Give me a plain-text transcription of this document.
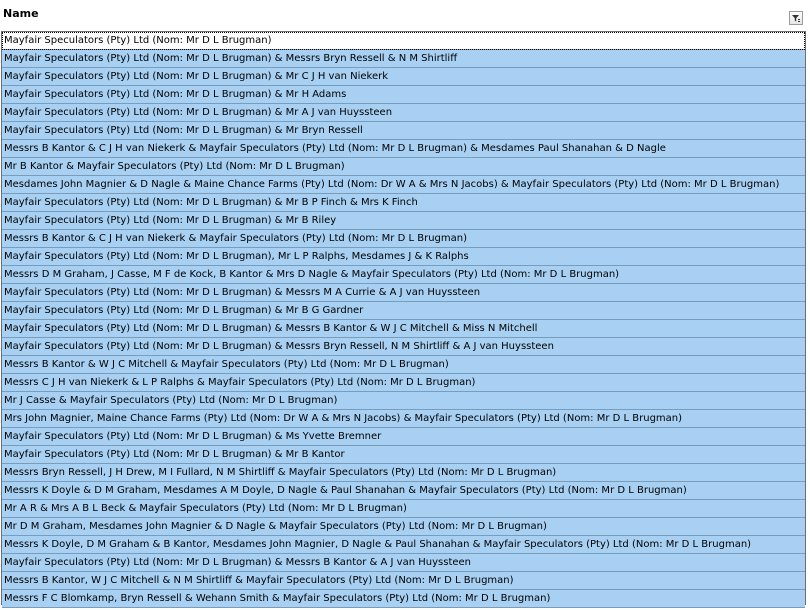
Name
Mayfair Speculators (Pty) Ltd (Nom: Mr D L Brugman)
Mayfair Speculators (Pty) Ltd (Nom: Mr D L Brugman) & Messrs Bryn Ressell & N M Shirtliff
Mayfair Speculators (Pty) Ltd (Nom: Mr D L Brugman) & Mr C J H van Niekerk
Mayfair Speculators (Pty) Ltd (Nom: Mr D L Brugman) & Mr H Adams
Mayfair Speculators (Pty) Ltd (Nom: Mr D L Brugman) & Mr A J van Huyssteen
Mayfair Speculators (Pty) Ltd (Nom: Mr D L Brugman) & Mr Bryn Ressell
Messrs B Kantor & C J H van Niekerk & Mayfair Speculators (Pty) Ltd (Nom: Mr D L Brugman) & Mesdames Paul Shanahan & D Nagle
Mr B Kantor & Mayfair Speculators (Pty) Ltd (Nom: Mr D L Brugman)
Mesdames John Magnier & D Nagle & Maine Chance Farms (Pty) Ltd (Nom: Dr W A & Mrs N Jacobs) & Mayfair Speculators (Pty) Ltd (Nom: Mr D L Brugman)
Mayfair Speculators (Pty) Ltd (Nom: Mr D L Brugman) & Mr B P Finch & Mrs K Finch
Mayfair Speculators (Pty) Ltd (Nom: Mr D L Brugman) & Mr B Riley
Messrs B Kantor & C J H van Niekerk & Mayfair Speculators (Pty) Ltd (Nom: Mr D L Brugman)
Mayfair Speculators (Pty) Ltd (Nom: Mr D L Brugman), Mr L P Ralphs, Mesdames J & K Ralphs
Messrs D M Graham, J Casse, M F de Kock, B Kantor & Mrs D Nagle & Mayfair Speculators (Pty) Ltd (Nom: Mr D L Brugman)
Mayfair Speculators (Pty) Ltd (Nom: Mr D L Brugman) & Messrs M A Currie & A J van Huyssteen
Mayfair Speculators (Pty) Ltd (Nom: Mr D L Brugman) & Mr B G Gardner
Mayfair Speculators (Pty) Ltd (Nom: Mr D L Brugman) & Messrs B Kantor & W J C Mitchell & Miss N Mitchell
Mayfair Speculators (Pty) Ltd (Nom: Mr D L Brugman) & Messrs Bryn Ressell, N M Shirtliff & A J van Huyssteen
Messrs B Kantor & W J C Mitchell & Mayfair Speculators (Pty) Ltd (Nom: Mr D L Brugman)
Messrs C J H van Niekerk & L P Ralphs & Mayfair Speculators (Pty) Ltd (Nom: Mr D L Brugman)
Mr J Casse & Mayfair Speculators (Pty) Ltd (Nom: Mr D L Brugman)
Mrs John Magnier, Maine Chance Farms (Pty) Ltd (Nom: Dr W A & Mrs N Jacobs) & Mayfair Speculators (Pty) Ltd (Nom: Mr D L Brugman)
Mayfair Speculators (Pty) Ltd (Nom: Mr D L Brugman) & Ms Yvette Bremner
Mayfair Speculators (Pty) Ltd (Nom: Mr D L Brugman) & Mr B Kantor
Messrs Bryn Ressell, J H Drew, M I Fullard, N M Shirtliff & Mayfair Speculators (Pty) Ltd (Nom: Mr D L Brugman)
Messrs K Doyle & D M Graham, Mesdames A M Doyle, D Nagle & Paul Shanahan & Mayfair Speculators (Pty) Ltd (Nom: Mr D L Brugman)
Mr A R & Mrs A B L Beck & Mayfair Speculators (Pty) Ltd (Nom: Mr D L Brugman)
Mr D M Graham, Mesdames John Magnier & D Nagle & Mayfair Speculators (Pty) Ltd (Nom: Mr D L Brugman)
Messrs K Doyle, D M Graham & B Kantor, Mesdames John Magnier, D Nagle & Paul Shanahan & Mayfair Speculators (Pty) Ltd (Nom: Mr D L Brugman)
Mayfair Speculators (Pty) Ltd (Nom: Mr D L Brugman) & Messrs B Kantor & A J van Huyssteen
Messrs B Kantor, W J C Mitchell & N M Shirtliff & Mayfair Speculators (Pty) Ltd (Nom: Mr D L Brugman)
Messrs F C Blomkamp, Bryn Ressell & Wehann Smith & Mayfair Speculators (Pty) Ltd (Nom: Mr D L Brugman)
